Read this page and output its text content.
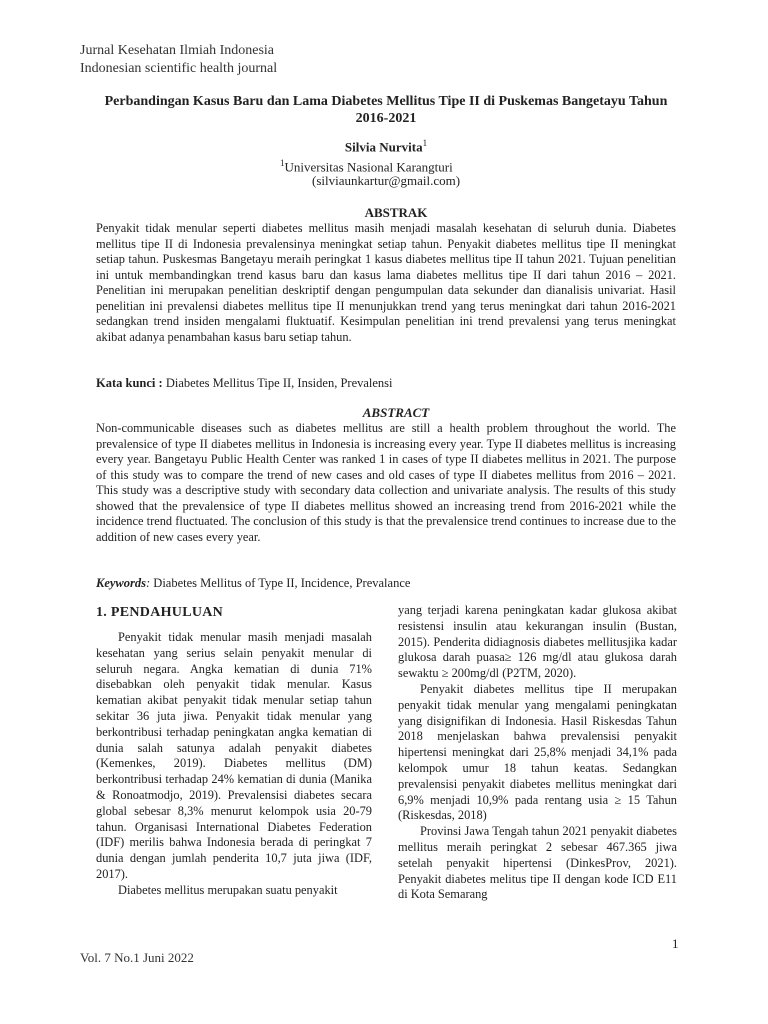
Jurnal Kesehatan Ilmiah Indonesia
Indonesian scientific health journal
Perbandingan Kasus Baru dan Lama Diabetes Mellitus Tipe II di Puskemas Bangetayu Tahun 2016-2021
Silvia Nurvita$^1$
$^1$Universitas Nasional Karangturi
(silviaunkartur@gmail.com)
ABSTRAK
Penyakit tidak menular seperti diabetes mellitus masih menjadi masalah kesehatan di seluruh dunia. Diabetes mellitus tipe II di Indonesia prevalensinya meningkat setiap tahun. Penyakit diabetes mellitus tipe II meningkat setiap tahun. Puskesmas Bangetayu meraih peringkat 1 kasus diabetes mellitus tipe II tahun 2021. Tujuan penelitian ini untuk membandingkan trend kasus baru dan kasus lama diabetes mellitus tipe II dari tahun 2016 – 2021. Penelitian ini merupakan penelitian deskriptif dengan pengumpulan data sekunder dan dianalisis univariat. Hasil penelitian ini prevalensi diabetes mellitus tipe II menunjukkan trend yang terus meningkat dari tahun 2016-2021 sedangkan trend insiden mengalami fluktuatif. Kesimpulan penelitian ini trend prevalensi yang terus meningkat akibat adanya penambahan kasus baru setiap tahun.
Kata kunci : Diabetes Mellitus Tipe II, Insiden, Prevalensi
ABSTRACT
Non-communicable diseases such as diabetes mellitus are still a health problem throughout the world. The prevalensice of type II diabetes mellitus in Indonesia is increasing every year. Type II diabetes mellitus is increasing every year. Bangetayu Public Health Center was ranked 1 in cases of type II diabetes mellitus in 2021. The purpose of this study was to compare the trend of new cases and old cases of type II diabetes mellitus from 2016 – 2021. This study was a descriptive study with secondary data collection and univariate analysis. The results of this study showed that the prevalensice of type II diabetes mellitus showed an increasing trend from 2016-2021 while the incidence trend fluctuated. The conclusion of this study is that the prevalensice trend continues to increase due to the addition of new cases every year.
Keywords: Diabetes Mellitus of Type II, Incidence, Prevalance
1. PENDAHULUAN

Penyakit tidak menular masih menjadi masalah kesehatan yang serius selain penyakit menular di seluruh negara. Angka kematian di dunia 71% disebabkan oleh penyakit tidak menular. Kasus kematian akibat penyakit tidak menular setiap tahun sekitar 36 juta jiwa. Penyakit tidak menular yang berkontribusi terhadap peningkatan angka kematian di dunia salah satunya adalah penyakit diabetes (Kemenkes, 2019). Diabetes mellitus (DM) berkontribusi terhadap 24% kematian di dunia (Manika & Ronoatmodjo, 2019). Prevalensisi diabetes secara global sebesar 8,3% menurut kelompok usia 20-79 tahun. Organisasi International Diabetes Federation (IDF) merilis bahwa Indonesia berada di peringkat 7 dunia dengan jumlah penderita 10,7 juta jiwa (IDF, 2017).

Diabetes mellitus merupakan suatu penyakit

yang terjadi karena peningkatan kadar glukosa akibat resistensi insulin atau kekurangan insulin (Bustan, 2015). Penderita didiagnosis diabetes mellitusjika kadar glukosa darah puasa≥ 126 mg/dl atau glukosa darah sewaktu ≥ 200mg/dl (P2TM, 2020).

Penyakit diabetes mellitus tipe II merupakan penyakit tidak menular yang mengalami peningkatan yang disignifikan di Indonesia. Hasil Riskesdas Tahun 2018 menjelaskan bahwa prevalensisi penyakit hipertensi meningkat dari 25,8% menjadi 34,1% pada kelompok umur 18 tahun keatas. Sedangkan prevalensisi penyakit diabetes mellitus meningkat dari 6,9% menjadi 10,9% pada rentang usia ≥ 15 Tahun (Riskesdas, 2018)

Provinsi Jawa Tengah tahun 2021 penyakit diabetes mellitus meraih peringkat 2 sebesar 467.365 jiwa setelah penyakit hipertensi (DinkesProv, 2021). Penyakit diabetes melitus tipe II dengan kode ICD E11 di Kota Semarang

1
Vol. 7 No.1 Juni 2022
